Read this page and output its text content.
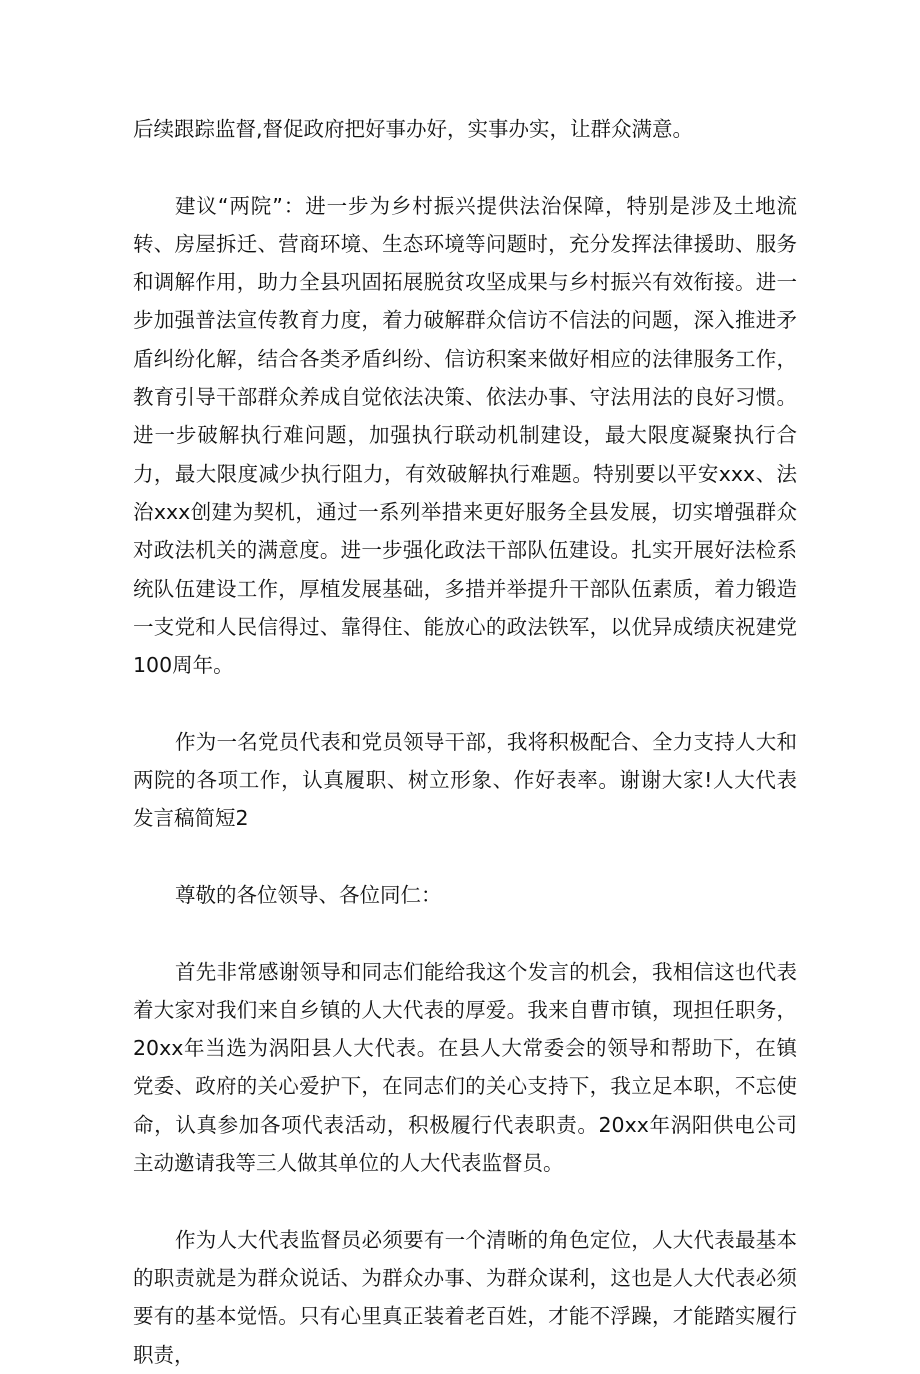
后续跟踪监督,督促政府把好事办好，实事办实，让群众满意。

建议“两院”：进一步为乡村振兴提供法治保障，特别是涉及土地流转、房屋拆迁、营商环境、生态环境等问题时，充分发挥法律援助、服务和调解作用，助力全县巩固拓展脱贫攻坚成果与乡村振兴有效衔接。进一步加强普法宣传教育力度，着力破解群众信访不信法的问题，深入推进矛盾纠纷化解，结合各类矛盾纠纷、信访积案来做好相应的法律服务工作，教育引导干部群众养成自觉依法决策、依法办事、守法用法的良好习惯。进一步破解执行难问题，加强执行联动机制建设，最大限度凝聚执行合力，最大限度减少执行阻力，有效破解执行难题。特别要以平安xxx、法治xxx创建为契机，通过一系列举措来更好服务全县发展，切实增强群众对政法机关的满意度。进一步强化政法干部队伍建设。扎实开展好法检系统队伍建设工作，厚植发展基础，多措并举提升干部队伍素质，着力锻造一支党和人民信得过、靠得住、能放心的政法铁军，以优异成绩庆祝建党100周年。

作为一名党员代表和党员领导干部，我将积极配合、全力支持人大和两院的各项工作，认真履职、树立形象、作好表率。谢谢大家!人大代表发言稿简短2

尊敬的各位领导、各位同仁：

首先非常感谢领导和同志们能给我这个发言的机会，我相信这也代表着大家对我们来自乡镇的人大代表的厚爱。我来自曹市镇，现担任职务，20xx年当选为涡阳县人大代表。在县人大常委会的领导和帮助下，在镇党委、政府的关心爱护下，在同志们的关心支持下，我立足本职，不忘使命，认真参加各项代表活动，积极履行代表职责。20xx年涡阳供电公司主动邀请我等三人做其单位的人大代表监督员。

作为人大代表监督员必须要有一个清晰的角色定位，人大代表最基本的职责就是为群众说话、为群众办事、为群众谋利，这也是人大代表必须要有的基本觉悟。只有心里真正装着老百姓，才能不浮躁，才能踏实履行职责，
